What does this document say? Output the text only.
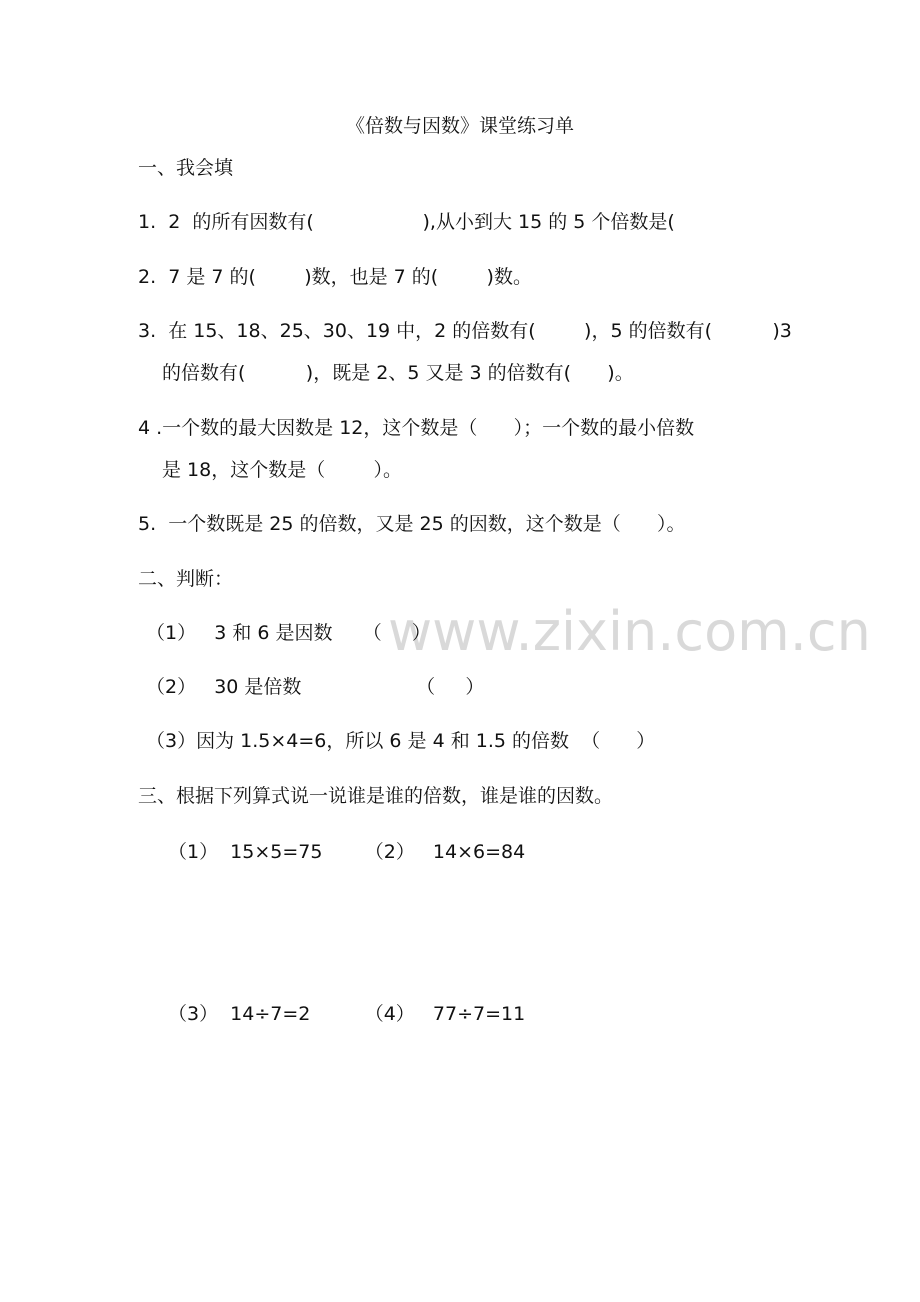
www.zixin.com.cn
《倍数与因数》课堂练习单
一、我会填
1.  2  的所有因数有(                  ),从小到大 15 的 5 个倍数是(
2.  7 是 7 的(        )数，也是 7 的(        )数。
3.  在 15、18、25、30、19 中，2 的倍数有(        )，5 的倍数有(          )3
的倍数有(          )，既是 2、5 又是 3 的倍数有(      )。
4 .一个数的最大因数是 12，这个数是（      ）；一个数的最小倍数
是 18，这个数是（        ）。
5.  一个数既是 25 的倍数，又是 25 的因数，这个数是（      ）。
二、判断：
（1）   3 和 6 是因数     （     ）
（2）   30 是倍数                   （     ）
（3）因为 1.5×4=6，所以 6 是 4 和 1.5 的倍数  （      ）
三、根据下列算式说一说谁是谁的倍数，谁是谁的因数。
（1）  15×5=75       （2）   14×6=84
（3）  14÷7=2         （4）   77÷7=11
